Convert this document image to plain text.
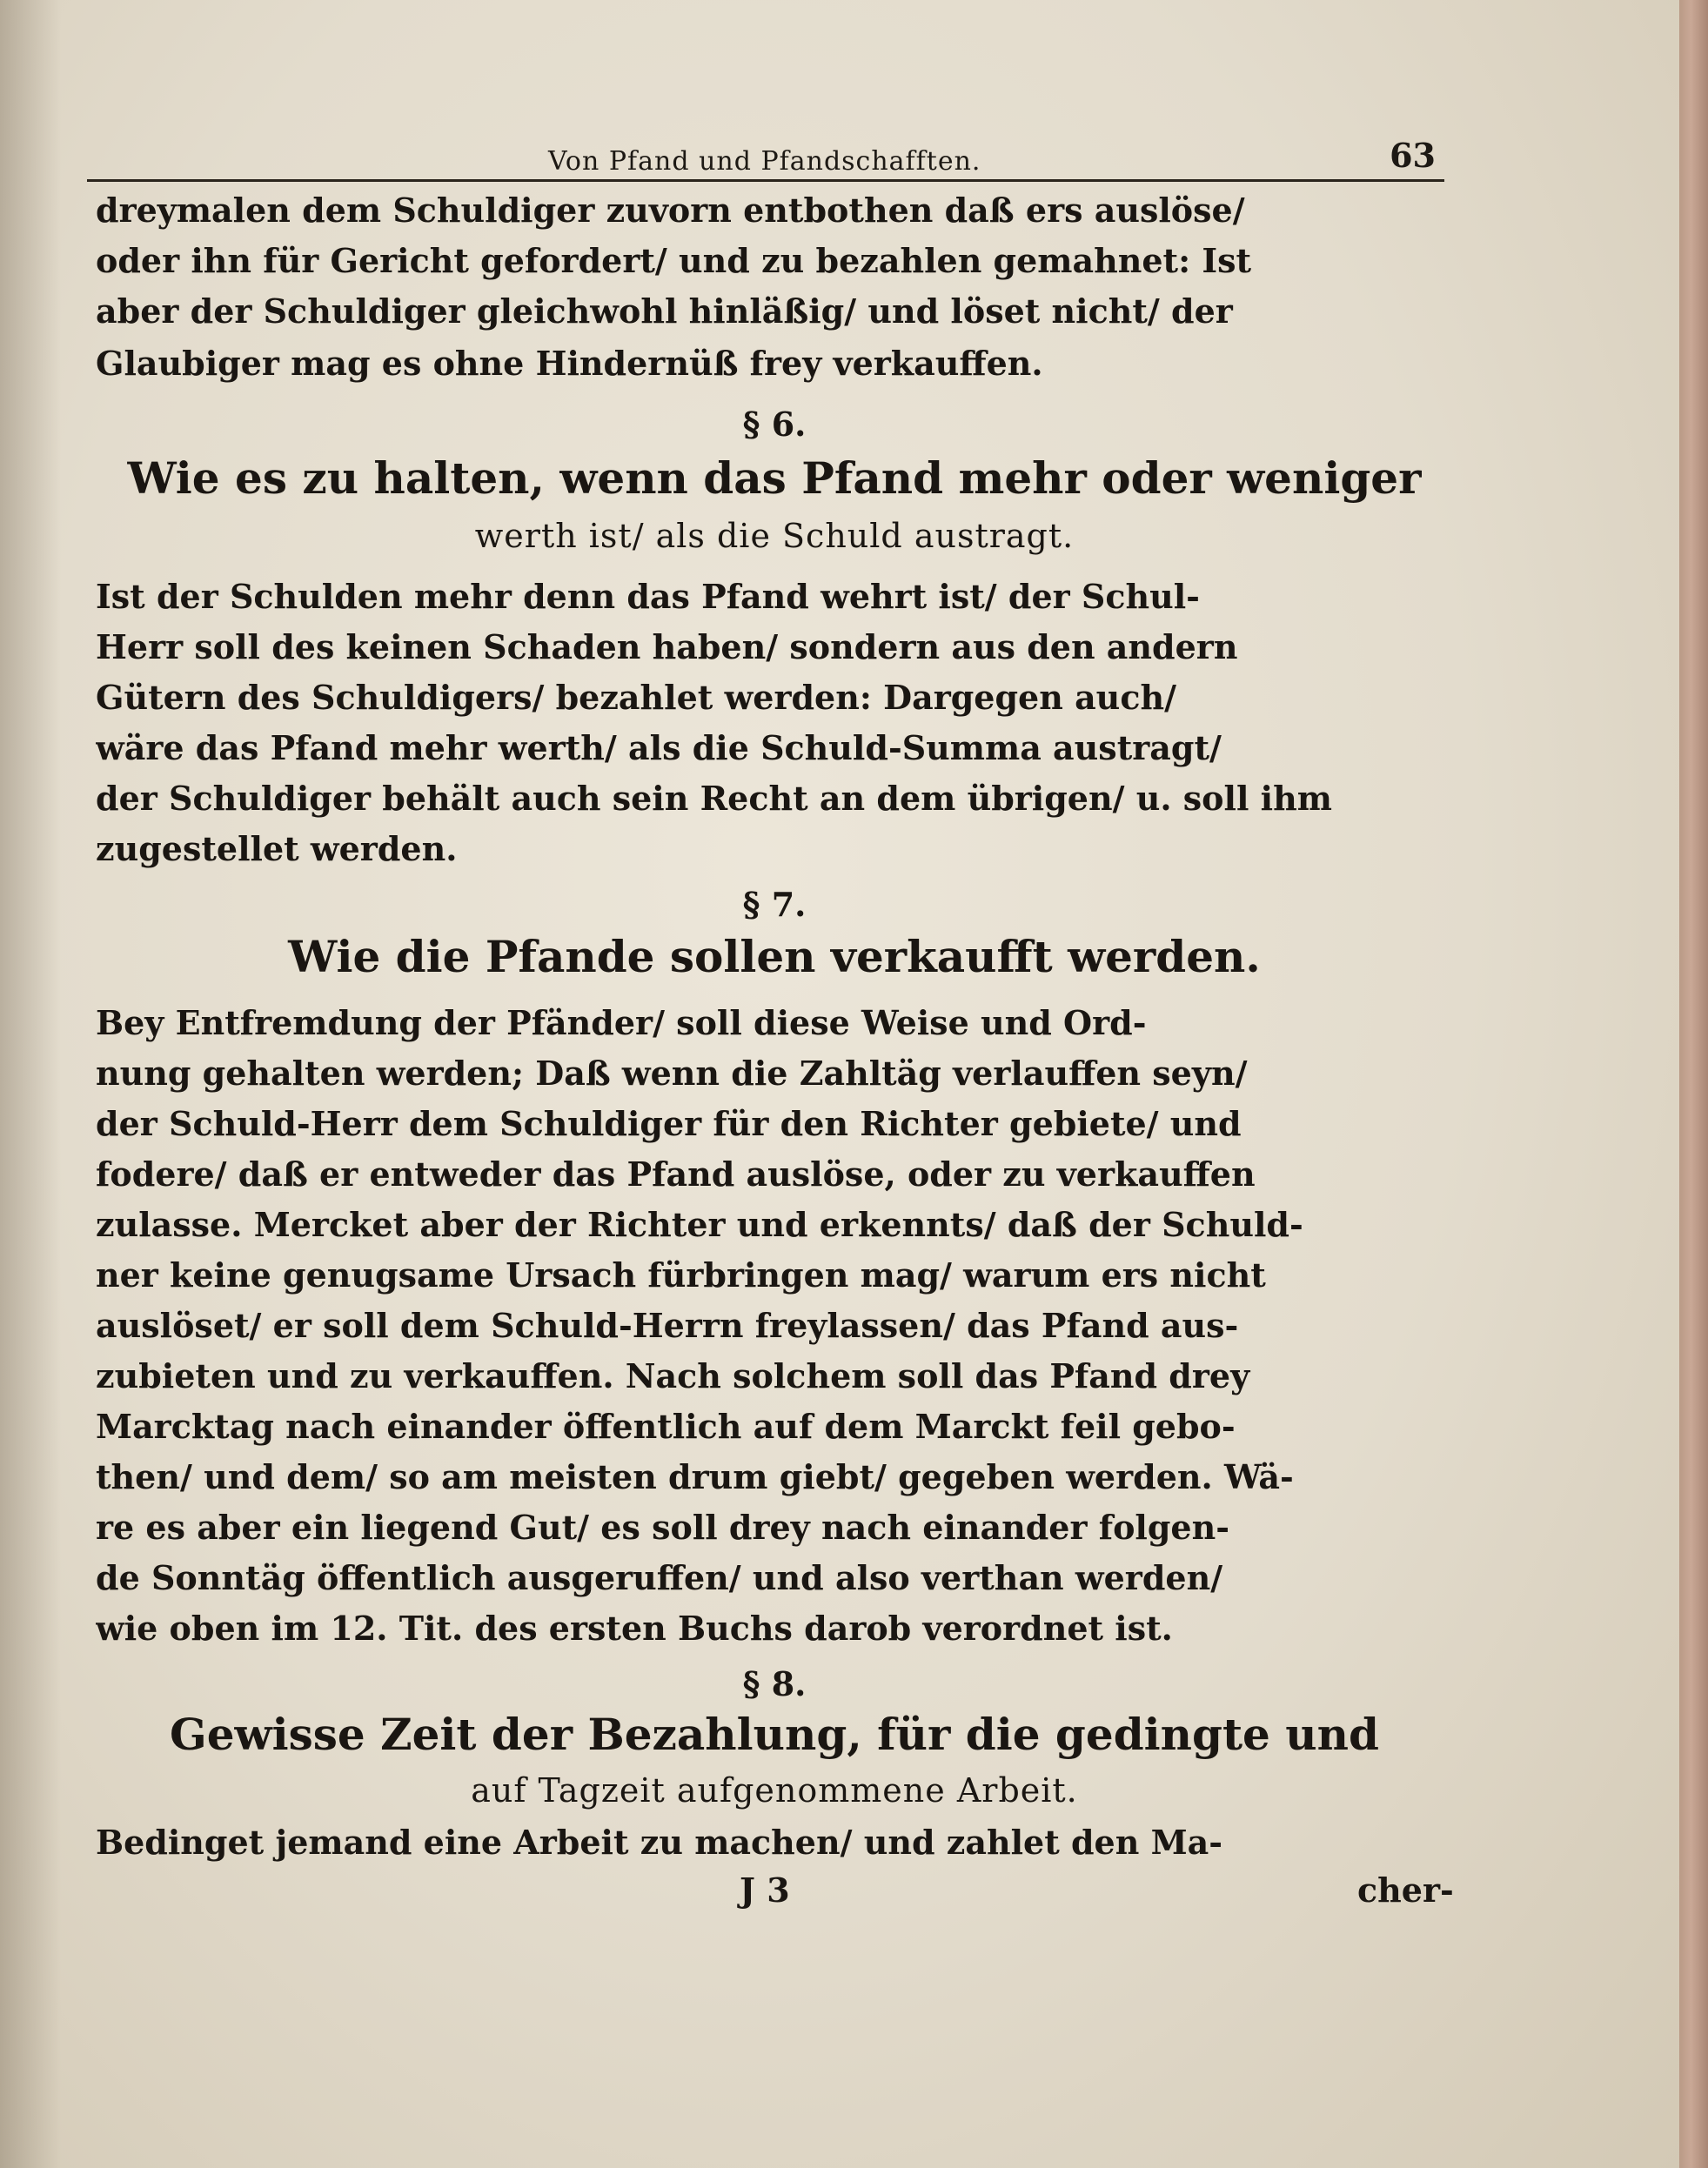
Von Pfand und Pfandschafften.	63
dreymalen dem Schuldiger zuvorn entbothen daß ers auslöse/
oder ihn für Gericht gefordert/ und zu bezahlen gemahnet: Ist
aber der Schuldiger gleichwohl hinläßig/ und löset nicht/ der
Glaubiger mag es ohne Hindernüß frey verkauffen.
§ 6.
Wie es zu halten, wenn das Pfand mehr oder weniger
werth ist/ als die Schuld austragt.
Ist der Schulden mehr denn das Pfand wehrt ist/ der Schul-
Herr soll des keinen Schaden haben/ sondern aus den andern
Gütern des Schuldigers/ bezahlet werden: Dargegen auch/
wäre das Pfand mehr werth/ als die Schuld-Summa austragt/
der Schuldiger behält auch sein Recht an dem übrigen/ u. soll ihm
zugestellet werden.
§ 7.
Wie die Pfande sollen verkaufft werden.
Bey Entfremdung der Pfänder/ soll diese Weise und Ord-
nung gehalten werden; Daß wenn die Zahltäg verlauffen seyn/
der Schuld-Herr dem Schuldiger für den Richter gebiete/ und
fodere/ daß er entweder das Pfand auslöse, oder zu verkauffen
zulasse. Mercket aber der Richter und erkennts/ daß der Schuld-
ner keine genugsame Ursach fürbringen mag/ warum ers nicht
auslöset/ er soll dem Schuld-Herrn freylassen/ das Pfand aus-
zubieten und zu verkauffen. Nach solchem soll das Pfand drey
Marcktag nach einander öffentlich auf dem Marckt feil gebo-
then/ und dem/ so am meisten drum giebt/ gegeben werden. Wä-
re es aber ein liegend Gut/ es soll drey nach einander folgen-
de Sonntäg öffentlich ausgeruffen/ und also verthan werden/
wie oben im 12. Tit. des ersten Buchs darob verordnet ist.
§ 8.
Gewisse Zeit der Bezahlung, für die gedingte und
auf Tagzeit aufgenommene Arbeit.
Bedinget jemand eine Arbeit zu machen/ und zahlet den Ma-
J 3	cher-
